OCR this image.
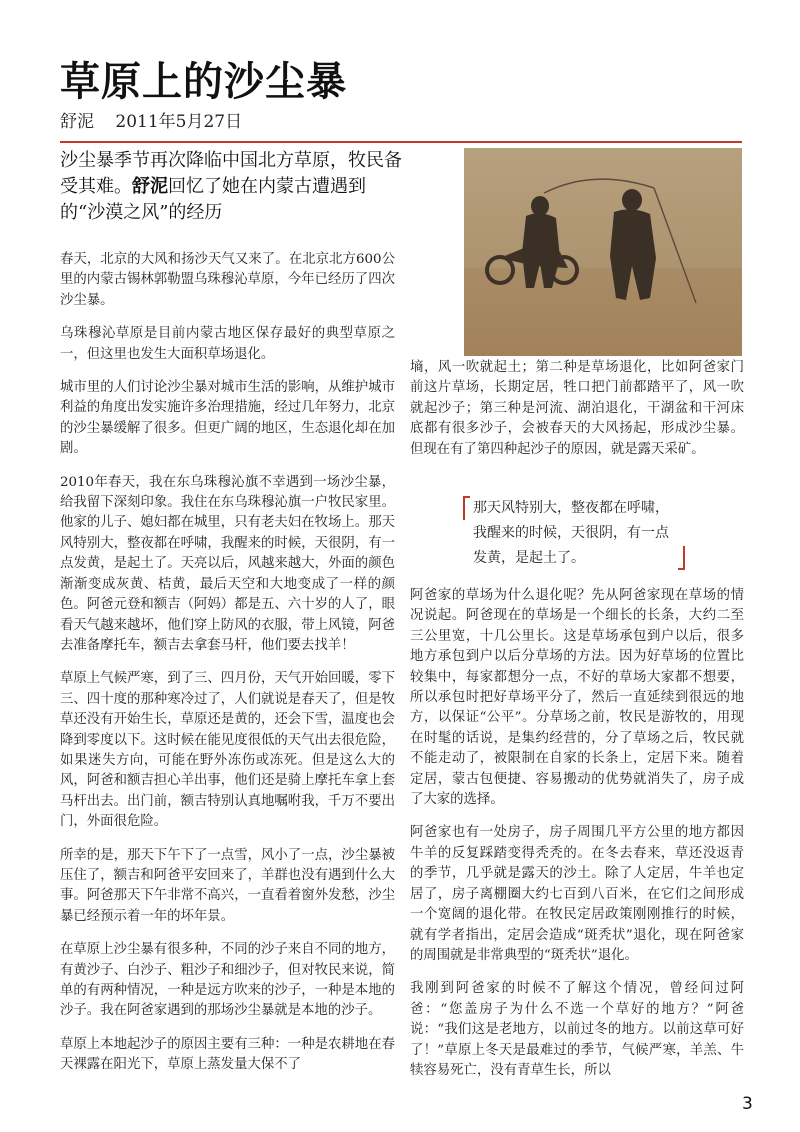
草原上的沙尘暴
舒泥 2011年5月27日

沙尘暴季节再次降临中国北方草原，牧民备受其难。舒泥回忆了她在内蒙古遭遇到的“沙漠之风”的经历

春天，北京的大风和扬沙天气又来了。在北京北方600公里的内蒙古锡林郭勒盟乌珠穆沁草原，今年已经历了四次沙尘暴。

乌珠穆沁草原是目前内蒙古地区保存最好的典型草原之一，但这里也发生大面积草场退化。

城市里的人们讨论沙尘暴对城市生活的影响，从维护城市利益的角度出发实施许多治理措施，经过几年努力，北京的沙尘暴缓解了很多。但更广阔的地区，生态退化却在加剧。

2010年春天，我在东乌珠穆沁旗不幸遇到一场沙尘暴，给我留下深刻印象。我住在东乌珠穆沁旗一户牧民家里。他家的儿子、媳妇都在城里，只有老夫妇在牧场上。那天风特别大，整夜都在呼啸，我醒来的时候，天很阴，有一点发黄，是起土了。天亮以后，风越来越大，外面的颜色渐渐变成灰黄、桔黄，最后天空和大地变成了一样的颜色。阿爸元登和额吉（阿妈）都是五、六十岁的人了，眼看天气越来越坏，他们穿上防风的衣服，带上风镜，阿爸去准备摩托车，额吉去拿套马杆，他们要去找羊！

草原上气候严寒，到了三、四月份，天气开始回暖，零下三、四十度的那种寒冷过了，人们就说是春天了，但是牧草还没有开始生长，草原还是黄的，还会下雪，温度也会降到零度以下。这时候在能见度很低的天气出去很危险，如果迷失方向，可能在野外冻伤或冻死。但是这么大的风，阿爸和额吉担心羊出事，他们还是骑上摩托车拿上套马杆出去。出门前，额吉特别认真地嘱咐我，千万不要出门，外面很危险。

所幸的是，那天下午下了一点雪，风小了一点，沙尘暴被压住了，额吉和阿爸平安回来了，羊群也没有遇到什么大事。阿爸那天下午非常不高兴，一直看着窗外发愁，沙尘暴已经预示着一年的坏年景。

在草原上沙尘暴有很多种，不同的沙子来自不同的地方，有黄沙子、白沙子、粗沙子和细沙子，但对牧民来说，简单的有两种情况，一种是远方吹来的沙子，一种是本地的沙子。我在阿爸家遇到的那场沙尘暴就是本地的沙子。

草原上本地起沙子的原因主要有三种：一种是农耕地在春天裸露在阳光下，草原上蒸发量大保不了

墒，风一吹就起土；第二种是草场退化，比如阿爸家门前这片草场，长期定居，牲口把门前都踏平了，风一吹就起沙子；第三种是河流、湖泊退化，干湖盆和干河床底都有很多沙子，会被春天的大风扬起，形成沙尘暴。但现在有了第四种起沙子的原因，就是露天采矿。

那天风特别大，整夜都在呼啸，我醒来的时候，天很阴，有一点发黄，是起土了。

阿爸家的草场为什么退化呢？先从阿爸家现在草场的情况说起。阿爸现在的草场是一个细长的长条，大约二至三公里宽，十几公里长。这是草场承包到户以后，很多地方承包到户以后分草场的方法。因为好草场的位置比较集中，每家都想分一点，不好的草场大家都不想要，所以承包时把好草场平分了，然后一直延续到很远的地方，以保证“公平”。分草场之前，牧民是游牧的，用现在时髦的话说，是集约经营的，分了草场之后，牧民就不能走动了，被限制在自家的长条上，定居下来。随着定居，蒙古包便捷、容易搬动的优势就消失了，房子成了大家的选择。

阿爸家也有一处房子，房子周围几平方公里的地方都因牛羊的反复踩踏变得秃秃的。在冬去春来，草还没返青的季节，几乎就是露天的沙土。除了人定居，牛羊也定居了，房子离棚圈大约七百到八百米，在它们之间形成一个宽阔的退化带。在牧民定居政策刚刚推行的时候，就有学者指出，定居会造成“斑秃状”退化，现在阿爸家的周围就是非常典型的“斑秃状”退化。

我刚到阿爸家的时候不了解这个情况，曾经问过阿爸：“您盖房子为什么不选一个草好的地方？”阿爸说：“我们这是老地方，以前过冬的地方。以前这草可好了！”草原上冬天是最难过的季节，气候严寒，羊羔、牛犊容易死亡，没有青草生长，所以

3
